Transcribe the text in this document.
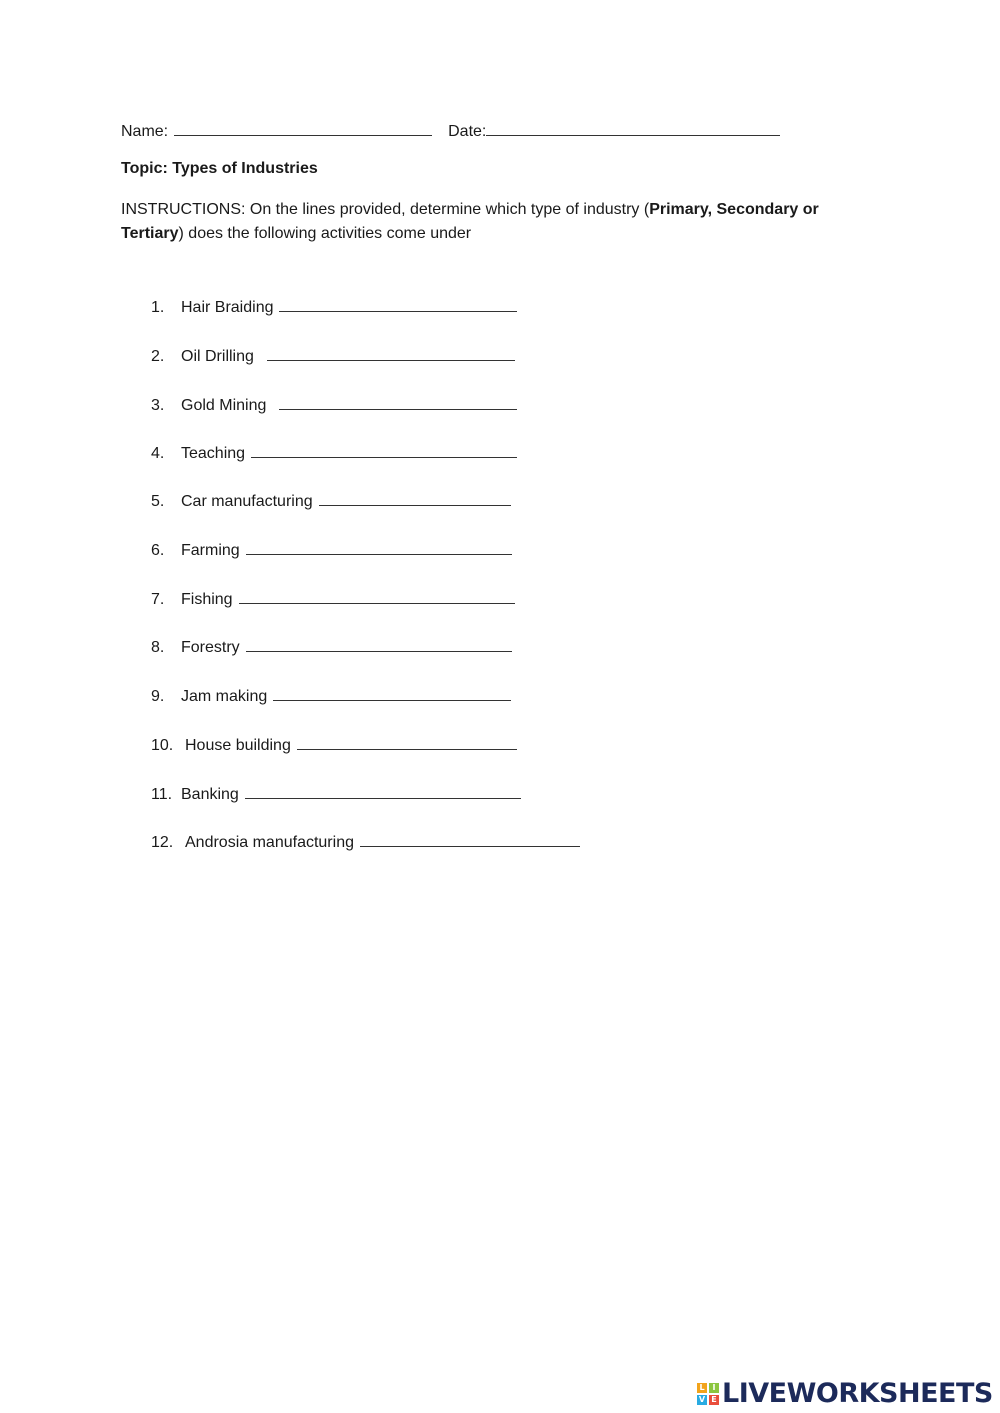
Name:	Date:
Topic: Types of Industries
INSTRUCTIONS: On the lines provided, determine which type of industry (Primary, Secondary or Tertiary) does the following activities come under
1.	Hair Braiding
2.	Oil Drilling
3.	Gold Mining
4.	Teaching
5.	Car manufacturing
6.	Farming
7.	Fishing
8.	Forestry
9.	Jam making
10. House building
11. Banking
12. Androsia manufacturing
L I
V E LIVEWORKSHEETS
